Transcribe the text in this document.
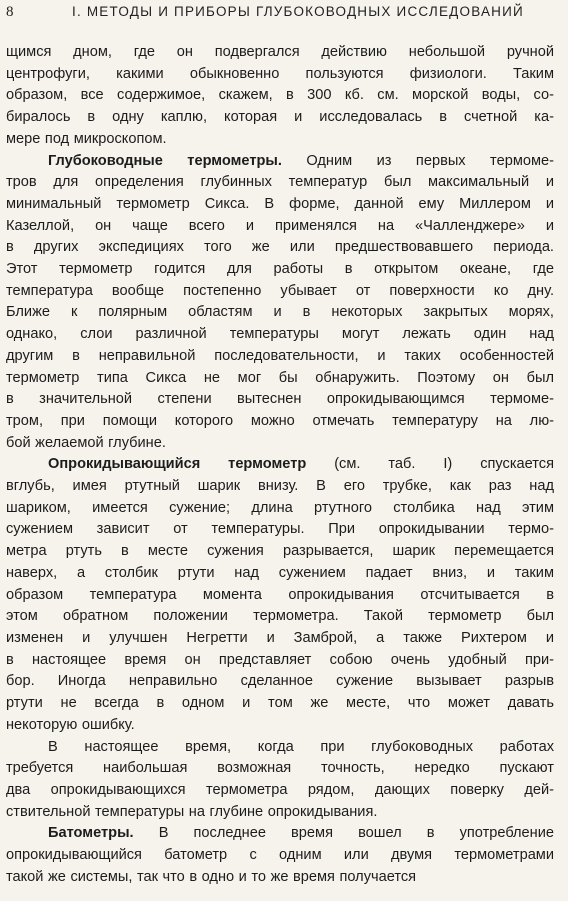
8	I. МЕТОДЫ И ПРИБОРЫ ГЛУБОКОВОДНЫХ ИССЛЕДОВАНИЙ
щимся дном, где он подвергался действию небольшой ручной
центрофуги, какими обыкновенно пользуются физиологи. Таким
образом, все содержимое, скажем, в 300 кб. см. морской воды, со-
биралось в одну каплю, которая и исследовалась в счетной ка-
мере под микроскопом.
Глубоководные термометры. Одним из первых термоме-
тров для определения глубинных температур был максимальный и
минимальный термометр Сикса. В форме, данной ему Миллером и
Казеллой, он чаще всего и применялся на «Чалленджере» и
в других экспедициях того же или предшествовавшего периода.
Этот термометр годится для работы в открытом океане, где
температура вообще постепенно убывает от поверхности ко дну.
Ближе к полярным областям и в некоторых закрытых морях,
однако, слои различной температуры могут лежать один над
другим в неправильной последовательности, и таких особенностей
термометр типа Сикса не мог бы обнаружить. Поэтому он был
в значительной степени вытеснен опрокидывающимся термоме-
тром, при помощи которого можно отмечать температуру на лю-
бой желаемой глубине.
Опрокидывающийся термометр (см. таб. I) спускается
вглубь, имея ртутный шарик внизу. В его трубке, как раз над
шариком, имеется сужение; длина ртутного столбика над этим
сужением зависит от температуры. При опрокидывании термо-
метра ртуть в месте сужения разрывается, шарик перемещается
наверх, а столбик ртути над сужением падает вниз, и таким
образом температура момента опрокидывания отсчитывается в
этом обратном положении термометра. Такой термометр был
изменен и улучшен Негретти и Замброй, а также Рихтером и
в настоящее время он представляет собою очень удобный при-
бор. Иногда неправильно сделанное сужение вызывает разрыв
ртути не всегда в одном и том же месте, что может давать
некоторую ошибку.
В настоящее время, когда при глубоководных работах
требуется наибольшая возможная точность, нередко пускают
два опрокидывающихся термометра рядом, дающих поверку дей-
ствительной температуры на глубине опрокидывания.
Батометры. В последнее время вошел в употребление
опрокидывающийся батометр с одним или двумя термометрами
такой же системы, так что в одно и то же время получается
